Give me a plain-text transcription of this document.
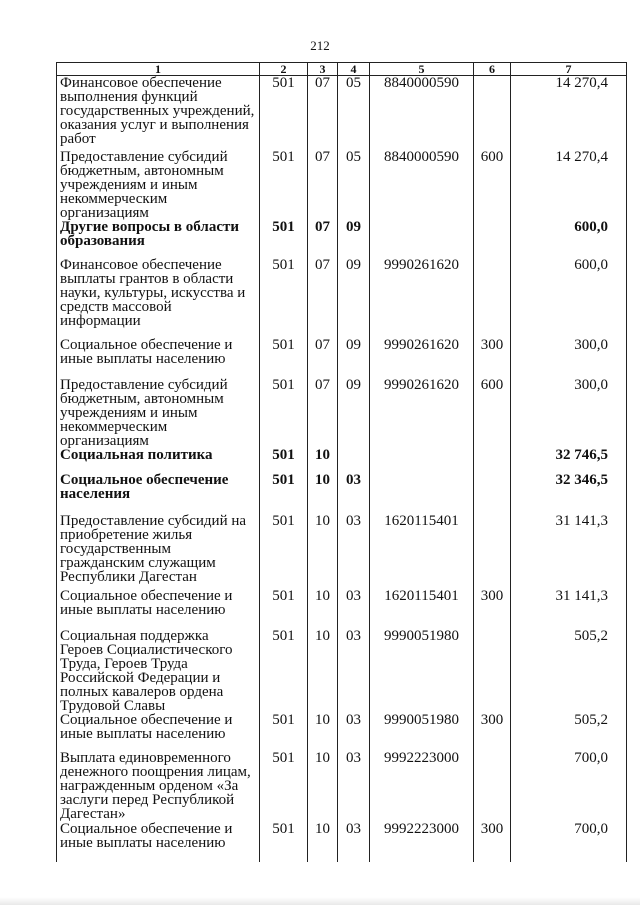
212
1	2	3	4	5	6	7
Финансовое обеспечение выполнения функций государственных учреждений, оказания услуг и выполнения работ	501	07	05	8840000590		14 270,4
Предоставление субсидий бюджетным, автономным учреждениям и иным некоммерческим организациям	501	07	05	8840000590	600	14 270,4
Другие вопросы в области образования	501	07	09			600,0
Финансовое обеспечение выплаты грантов в области науки, культуры, искусства и средств массовой информации	501	07	09	9990261620		600,0
Социальное обеспечение и иные выплаты населению	501	07	09	9990261620	300	300,0
Предоставление субсидий бюджетным, автономным учреждениям и иным некоммерческим организациям	501	07	09	9990261620	600	300,0
Социальная политика	501	10				32 746,5
Социальное обеспечение населения	501	10	03			32 346,5
Предоставление субсидий на приобретение жилья государственным гражданским служащим Республики Дагестан	501	10	03	1620115401		31 141,3
Социальное обеспечение и иные выплаты населению	501	10	03	1620115401	300	31 141,3
Социальная поддержка Героев Социалистического Труда, Героев Труда Российской Федерации и полных кавалеров ордена Трудовой Славы	501	10	03	9990051980		505,2
Социальное обеспечение и иные выплаты населению	501	10	03	9990051980	300	505,2
Выплата единовременного денежного поощрения лицам, награжденным орденом «За заслуги перед Республикой Дагестан»	501	10	03	9992223000		700,0
Социальное обеспечение и иные выплаты населению	501	10	03	9992223000	300	700,0
